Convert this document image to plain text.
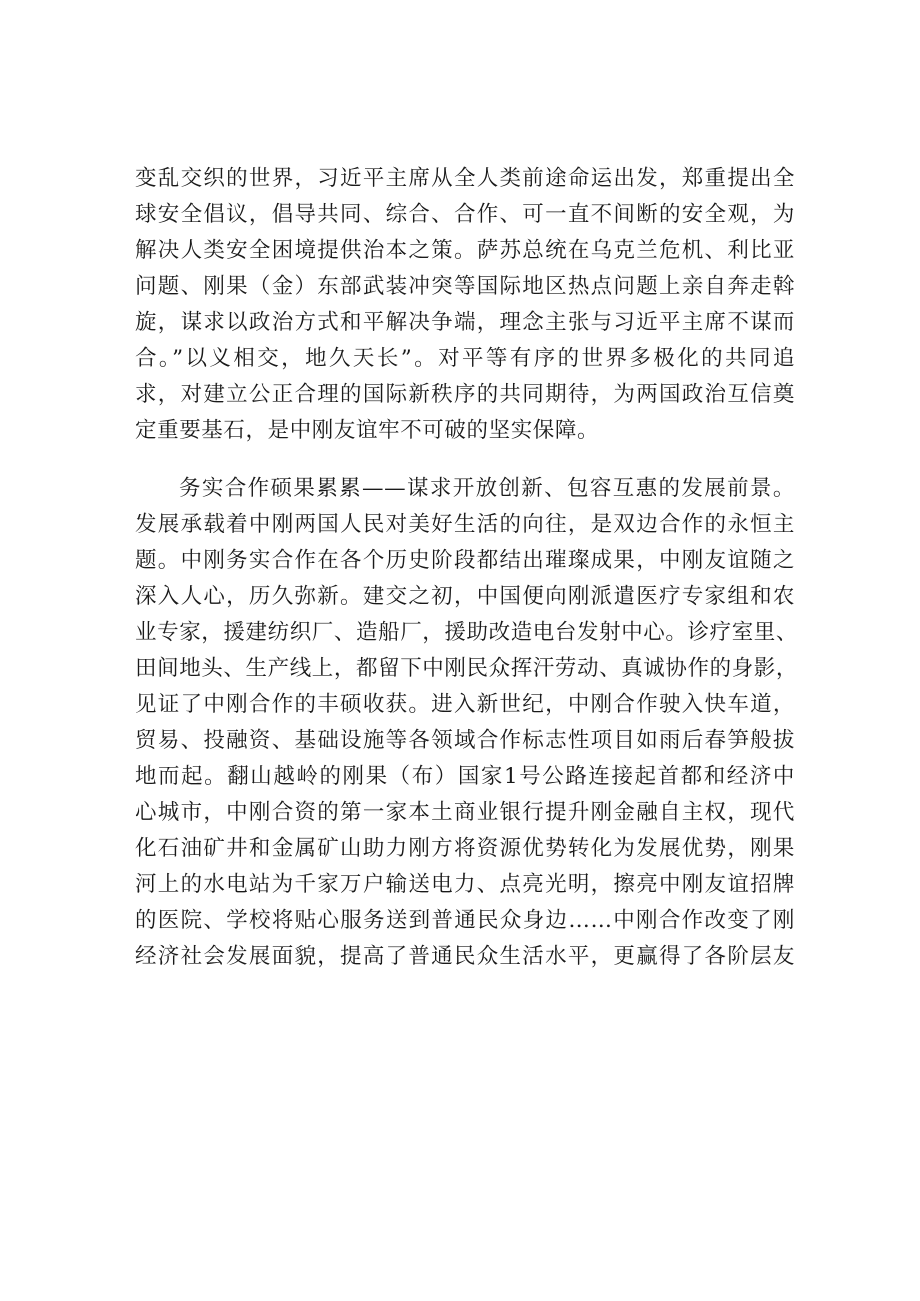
变乱交织的世界，习近平主席从全人类前途命运出发，郑重提出全
球安全倡议，倡导共同、综合、合作、可一直不间断的安全观，为
解决人类安全困境提供治本之策。萨苏总统在乌克兰危机、利比亚
问题、刚果（金）东部武装冲突等国际地区热点问题上亲自奔走斡
旋，谋求以政治方式和平解决争端，理念主张与习近平主席不谋而
合。”以义相交，地久天长”。对平等有序的世界多极化的共同追
求，对建立公正合理的国际新秩序的共同期待，为两国政治互信奠
定重要基石，是中刚友谊牢不可破的坚实保障。
务实合作硕果累累——谋求开放创新、包容互惠的发展前景。
发展承载着中刚两国人民对美好生活的向往，是双边合作的永恒主
题。中刚务实合作在各个历史阶段都结出璀璨成果，中刚友谊随之
深入人心，历久弥新。建交之初，中国便向刚派遣医疗专家组和农
业专家，援建纺织厂、造船厂，援助改造电台发射中心。诊疗室里、
田间地头、生产线上，都留下中刚民众挥汗劳动、真诚协作的身影，
见证了中刚合作的丰硕收获。进入新世纪，中刚合作驶入快车道，
贸易、投融资、基础设施等各领域合作标志性项目如雨后春笋般拔
地而起。翻山越岭的刚果（布）国家1号公路连接起首都和经济中
心城市，中刚合资的第一家本土商业银行提升刚金融自主权，现代
化石油矿井和金属矿山助力刚方将资源优势转化为发展优势，刚果
河上的水电站为千家万户输送电力、点亮光明，擦亮中刚友谊招牌
的医院、学校将贴心服务送到普通民众身边……中刚合作改变了刚
经济社会发展面貌，提高了普通民众生活水平，更赢得了各阶层友
